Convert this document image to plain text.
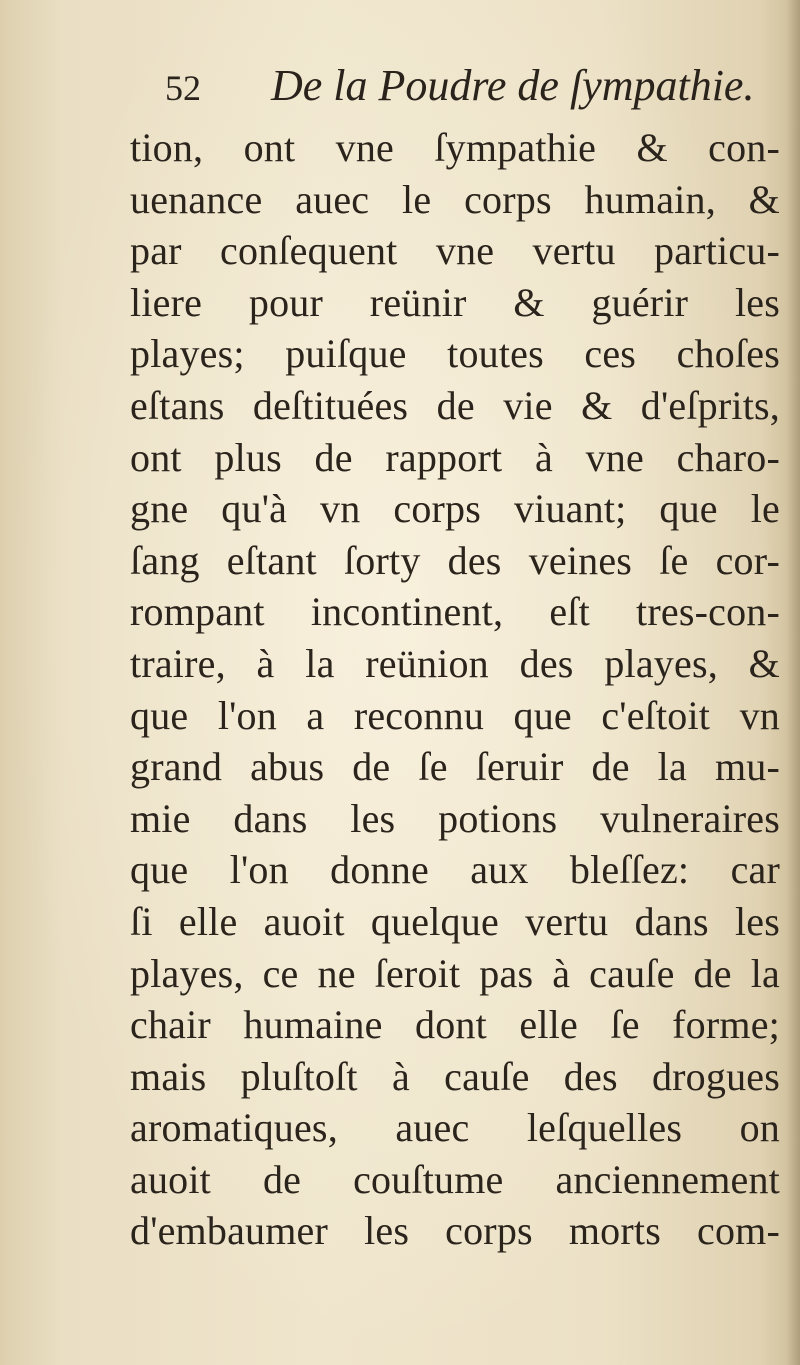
52 De la Poudre de ſympathie.
tion, ont vne ſympathie & con-
uenance auec le corps humain, &
par conſequent vne vertu particu-
liere pour reünir & guérir les
playes; puiſque toutes ces choſes
eſtans deſtituées de vie & d'eſprits,
ont plus de rapport à vne charo-
gne qu'à vn corps viuant; que le
ſang eſtant ſorty des veines ſe cor-
rompant incontinent, eſt tres-con-
traire, à la reünion des playes, &
que l'on a reconnu que c'eſtoit vn
grand abus de ſe ſeruir de la mu-
mie dans les potions vulneraires
que l'on donne aux bleſſez: car
ſi elle auoit quelque vertu dans les
playes, ce ne ſeroit pas à cauſe de la
chair humaine dont elle ſe forme;
mais pluſtoſt à cauſe des drogues
aromatiques, auec leſquelles on
auoit de couſtume anciennement
d'embaumer les corps morts com-
